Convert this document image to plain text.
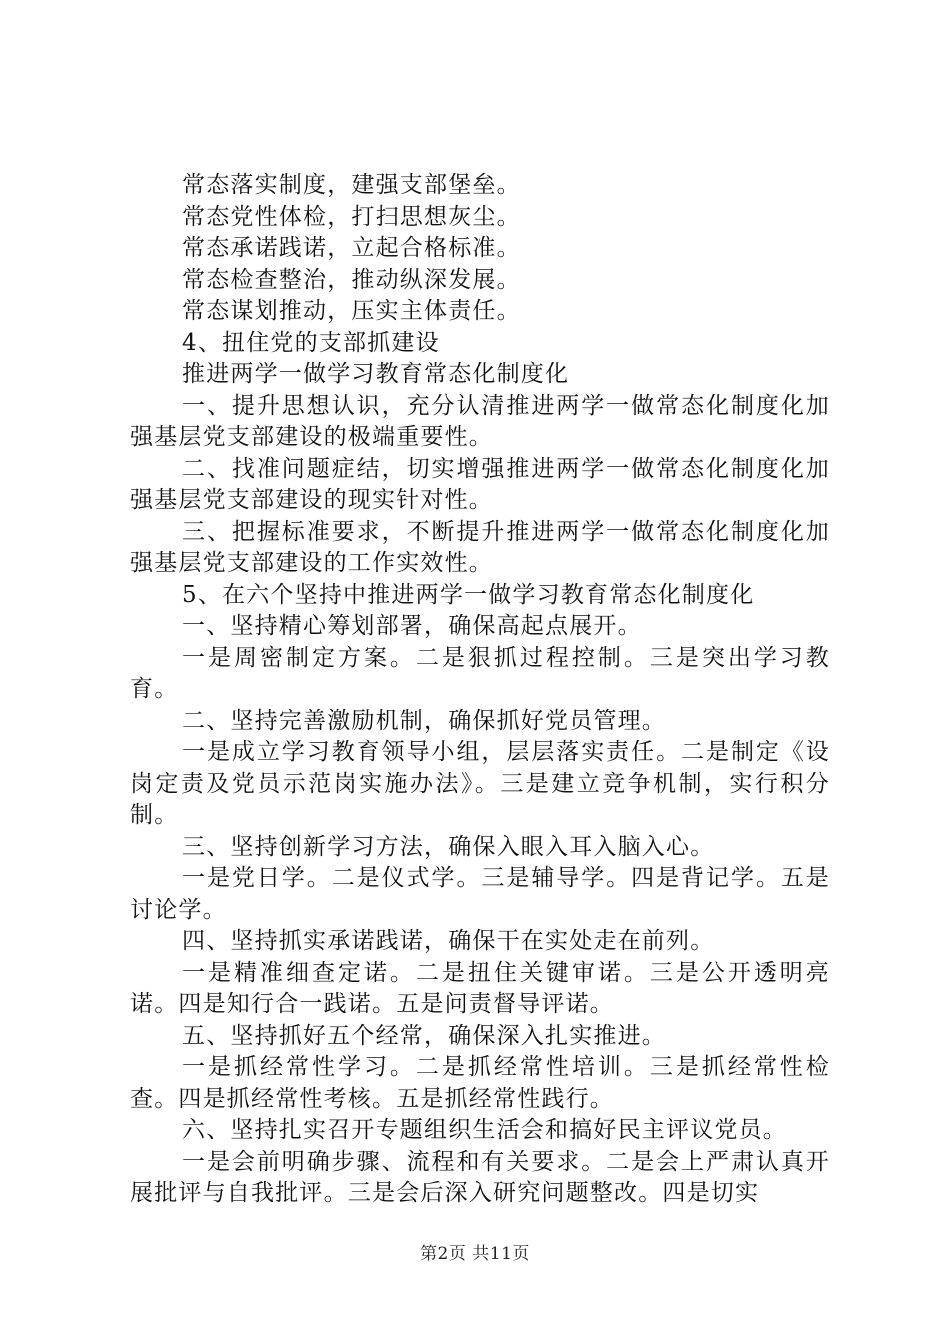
常态落实制度，建强支部堡垒。

常态党性体检，打扫思想灰尘。

常态承诺践诺，立起合格标准。

常态检查整治，推动纵深发展。

常态谋划推动，压实主体责任。

4、扭住党的支部抓建设

推进两学一做学习教育常态化制度化

一、提升思想认识，充分认清推进两学一做常态化制度化加强基层党支部建设的极端重要性。

二、找准问题症结，切实增强推进两学一做常态化制度化加强基层党支部建设的现实针对性。

三、把握标准要求，不断提升推进两学一做常态化制度化加强基层党支部建设的工作实效性。

5、在六个坚持中推进两学一做学习教育常态化制度化

一、坚持精心筹划部署，确保高起点展开。

一是周密制定方案。二是狠抓过程控制。三是突出学习教育。

二、坚持完善激励机制，确保抓好党员管理。

一是成立学习教育领导小组，层层落实责任。二是制定《设岗定责及党员示范岗实施办法》。三是建立竞争机制，实行积分制。

三、坚持创新学习方法，确保入眼入耳入脑入心。

一是党日学。二是仪式学。三是辅导学。四是背记学。五是讨论学。

四、坚持抓实承诺践诺，确保干在实处走在前列。

一是精准细查定诺。二是扭住关键审诺。三是公开透明亮诺。四是知行合一践诺。五是问责督导评诺。

五、坚持抓好五个经常，确保深入扎实推进。

一是抓经常性学习。二是抓经常性培训。三是抓经常性检查。四是抓经常性考核。五是抓经常性践行。

六、坚持扎实召开专题组织生活会和搞好民主评议党员。

一是会前明确步骤、流程和有关要求。二是会上严肃认真开展批评与自我批评。三是会后深入研究问题整改。四是切实

第2页 共11页
